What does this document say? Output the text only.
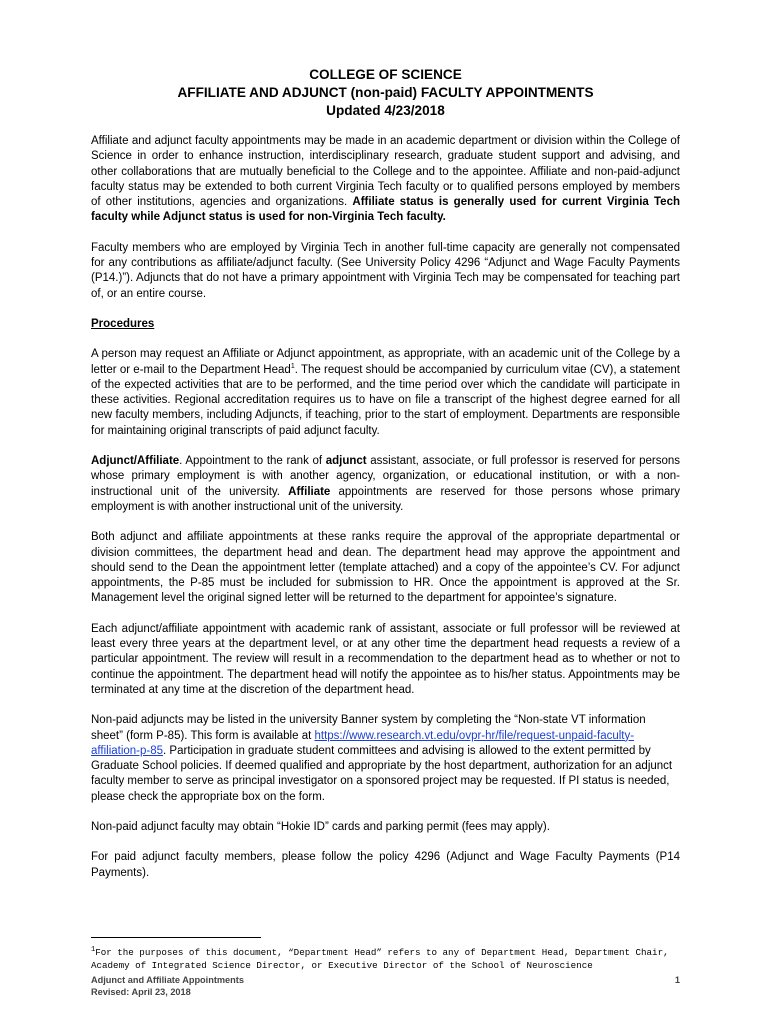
COLLEGE OF SCIENCE

AFFILIATE AND ADJUNCT (non-paid) FACULTY APPOINTMENTS

Updated 4/23/2018

Affiliate and adjunct faculty appointments may be made in an academic department or division within the College of Science in order to enhance instruction, interdisciplinary research, graduate student support and advising, and other collaborations that are mutually beneficial to the College and to the appointee. Affiliate and non-paid-adjunct faculty status may be extended to both current Virginia Tech faculty or to qualified persons employed by members of other institutions, agencies and organizations. Affiliate status is generally used for current Virginia Tech faculty while Adjunct status is used for non-Virginia Tech faculty.

Faculty members who are employed by Virginia Tech in another full-time capacity are generally not compensated for any contributions as affiliate/adjunct faculty. (See University Policy 4296 “Adjunct and Wage Faculty Payments (P14.)”). Adjuncts that do not have a primary appointment with Virginia Tech may be compensated for teaching part of, or an entire course.

Procedures

A person may request an Affiliate or Adjunct appointment, as appropriate, with an academic unit of the College by a letter or e-mail to the Department Head$^1$. The request should be accompanied by curriculum vitae (CV), a statement of the expected activities that are to be performed, and the time period over which the candidate will participate in these activities. Regional accreditation requires us to have on file a transcript of the highest degree earned for all new faculty members, including Adjuncts, if teaching, prior to the start of employment. Departments are responsible for maintaining original transcripts of paid adjunct faculty.

Adjunct/Affiliate. Appointment to the rank of adjunct assistant, associate, or full professor is reserved for persons whose primary employment is with another agency, organization, or educational institution, or with a non-instructional unit of the university. Affiliate appointments are reserved for those persons whose primary employment is with another instructional unit of the university.

Both adjunct and affiliate appointments at these ranks require the approval of the appropriate departmental or division committees, the department head and dean. The department head may approve the appointment and should send to the Dean the appointment letter (template attached) and a copy of the appointee’s CV. For adjunct appointments, the P-85 must be included for submission to HR. Once the appointment is approved at the Sr. Management level the original signed letter will be returned to the department for appointee’s signature.

Each adjunct/affiliate appointment with academic rank of assistant, associate or full professor will be reviewed at least every three years at the department level, or at any other time the department head requests a review of a particular appointment. The review will result in a recommendation to the department head as to whether or not to continue the appointment. The department head will notify the appointee as to his/her status. Appointments may be terminated at any time at the discretion of the department head.

Non-paid adjuncts may be listed in the university Banner system by completing the “Non-state VT information sheet” (form P-85). This form is available at https://www.research.vt.edu/ovpr-hr/file/request-unpaid-faculty-affiliation-p-85. Participation in graduate student committees and advising is allowed to the extent permitted by Graduate School policies. If deemed qualified and appropriate by the host department, authorization for an adjunct faculty member to serve as principal investigator on a sponsored project may be requested. If PI status is needed, please check the appropriate box on the form.

Non-paid adjunct faculty may obtain “Hokie ID” cards and parking permit (fees may apply).

For paid adjunct faculty members, please follow the policy 4296 (Adjunct and Wage Faculty Payments (P14 Payments).

$^1$For the purposes of this document, “Department Head” refers to any of Department Head, Department Chair, Academy of Integrated Science Director, or Executive Director of the School of Neuroscience

Adjunct and Affiliate Appointments	1
Revised: April 23, 2018
